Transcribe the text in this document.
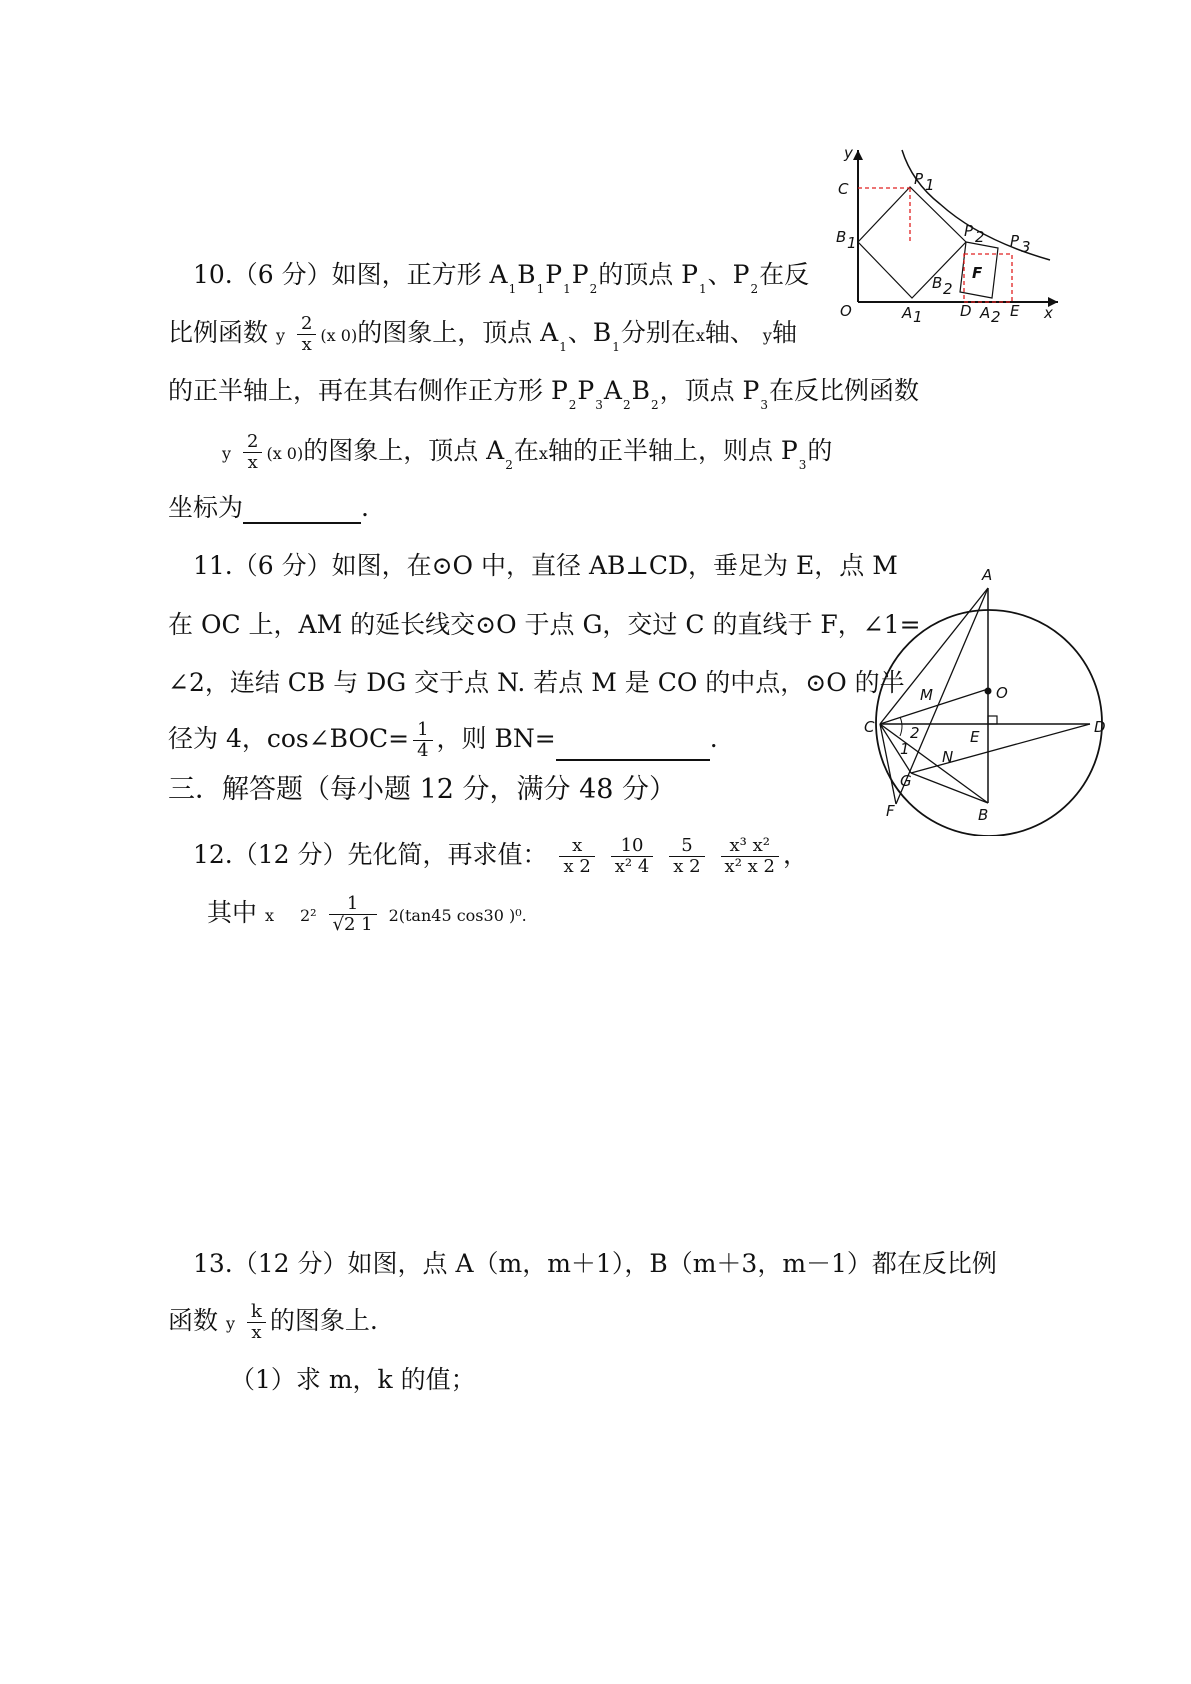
10.（6 分）如图，正方形 $A_1B_1P_1P_2$的顶点 $P_1$、$P_2$在反
比例函数 y $\frac{2}{x} (x$ 0)的图象上，顶点 $A_1$、$B_1$分别在x轴、 y轴
的正半轴上，再在其右侧作正方形 $P_2P_3A_2B_2$，顶点 $P_3$在反比例函数
y $\frac{2}{x} (x$ 0)的图象上，顶点 $A_2$在x轴的正半轴上，则点 $P_3$的
坐标为	.
y
x
C
P 1
B 1
P 2 P 3
F
B 2
O	A 1 D A 2 E
11.（6 分）如图，在⊙O 中，直径 AB⊥CD，垂足为 E，点 M
在 OC 上，AM 的延长线交⊙O 于点 G，交过 C 的直线于 F，∠1=
∠2，连结 CB 与 DG 交于点 N. 若点 M 是 CO 的中点，⊙O 的半
径为 4，cos∠BOC= $\frac{1}{4}$ ，则 BN=	.
A
O
M
C 2	E
D
1 N
G
F	B
三．解答题（每小题 12 分，满分 48 分）
12.（12 分）先化简，再求值： $\frac{x}{x 2}$
$\frac{10}{\text{x² 4}}$
$\frac{5}{x 2}$
$\frac{\text{x³ x²}}{\text{x² x 2}}$ ，
其中 x $2^2 \frac{1}{√2 1} 2(\tan 45$ cos30 )⁰.
13.（12 分）如图，点 A（m，m＋1），B（m＋3，m－1）都在反比例
函数 y $\frac{k}{x}$ 的图象上.
（1）求 m，k 的值；
